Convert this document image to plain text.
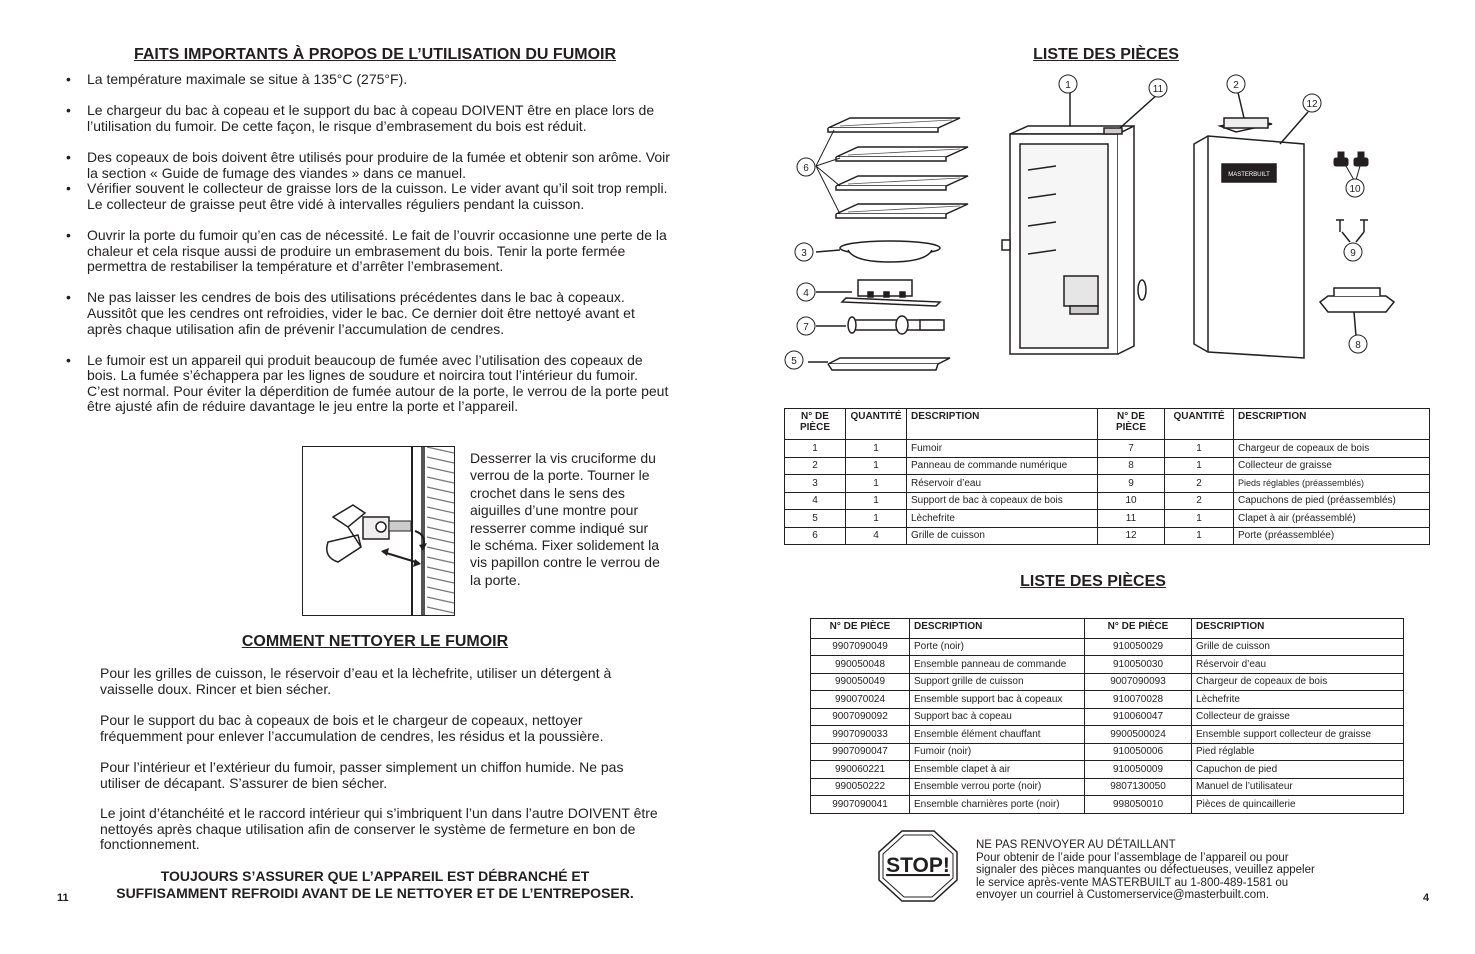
FAITS IMPORTANTS À PROPOS DE L’UTILISATION DU FUMOIR
• La température maximale se situe à 135°C (275°F).
• Le chargeur du bac à copeau et le support du bac à copeau DOIVENT être en place lors de l’utilisation du fumoir. De cette façon, le risque d’embrasement du bois est réduit.
• Des copeaux de bois doivent être utilisés pour produire de la fumée et obtenir son arôme. Voir la section « Guide de fumage des viandes » dans ce manuel.
• Vérifier souvent le collecteur de graisse lors de la cuisson. Le vider avant qu’il soit trop rempli. Le collecteur de graisse peut être vidé à intervalles réguliers pendant la cuisson.
• Ouvrir la porte du fumoir qu’en cas de nécessité. Le fait de l’ouvrir occasionne une perte de la chaleur et cela risque aussi de produire un embrasement du bois. Tenir la porte fermée permettra de restabiliser la température et d’arrêter l’embrasement.
• Ne pas laisser les cendres de bois des utilisations précédentes dans le bac à copeaux. Aussitôt que les cendres ont refroidies, vider le bac. Ce dernier doit être nettoyé avant et après chaque utilisation afin de prévenir l’accumulation de cendres.
• Le fumoir est un appareil qui produit beaucoup de fumée avec l’utilisation des copeaux de bois. La fumée s’échappera par les lignes de soudure et noircira tout l’intérieur du fumoir. C’est normal. Pour éviter la déperdition de fumée autour de la porte, le verrou de la porte peut être ajusté afin de réduire davantage le jeu entre la porte et l’appareil.
Desserrer la vis cruciforme du verrou de la porte. Tourner le crochet dans le sens des aiguilles d’une montre pour resserrer comme indiqué sur le schéma. Fixer solidement la vis papillon contre le verrou de la porte.
COMMENT NETTOYER LE FUMOIR

Pour les grilles de cuisson, le réservoir d’eau et la lèchefrite, utiliser un détergent à vaisselle doux. Rincer et bien sécher.

Pour le support du bac à copeaux de bois et le chargeur de copeaux, nettoyer fréquemment pour enlever l’accumulation de cendres, les résidus et la poussière.

Pour l’intérieur et l’extérieur du fumoir, passer simplement un chiffon humide. Ne pas utiliser de décapant. S’assurer de bien sécher.

Le joint d’étanchéité et le raccord intérieur qui s’imbriquent l’un dans l’autre DOIVENT être nettoyés après chaque utilisation afin de conserver le système de fermeture en bon de fonctionnement.

TOUJOURS S’ASSURER QUE L’APPAREIL EST DÉBRANCHÉ ET
SUFFISAMMENT REFROIDI AVANT DE LE NETTOYER ET DE L’ENTREPOSER.
11
LISTE DES PIÈCES
MASTERBUILT
1	11	2
12
6
10
3	9
4
7
8
5
N° DE PIÈCE	QUANTITÉ	DESCRIPTION	N° DE PIÈCE	QUANTITÉ	DESCRIPTION
1	1	Fumoir	7	1	Chargeur de copeaux de bois
2	1	Panneau de commande numérique	8	1	Collecteur de graisse
3	1	Réservoir d’eau	9	2	Pieds réglables (préassemblés)
4	1	Support de bac à copeaux de bois	10	2	Capuchons de pied (préassemblés)
5	1	Lèchefrite	11	1	Clapet à air (préassemblé)
6	4	Grille de cuisson	12	1	Porte (préassemblée)
LISTE DES PIÈCES
N° DE PIÈCE	DESCRIPTION	N° DE PIÈCE	DESCRIPTION
9907090049	Porte (noir)	910050029	Grille de cuisson
990050048	Ensemble panneau de commande	910050030	Réservoir d’eau
990050049	Support grille de cuisson	9007090093	Chargeur de copeaux de bois
990070024	Ensemble support bac à copeaux	910070028	Lèchefrite
9007090092	Support bac à copeau	910060047	Collecteur de graisse
9907090033	Ensemble élément chauffant	9900500024	Ensemble support collecteur de graisse
9907090047	Fumoir (noir)	910050006	Pied réglable
990060221	Ensemble clapet à air	910050009	Capuchon de pied
990050222	Ensemble verrou porte (noir)	9807130050	Manuel de l’utilisateur
9907090041	Ensemble charnières porte (noir)	998050010	Pièces de quincaillerie
STOP!
NE PAS RENVOYER AU DÉTAILLANT
Pour obtenir de l’aide pour l’assemblage de l’appareil ou pour
signaler des pièces manquantes ou défectueuses, veuillez appeler
le service après-vente MASTERBUILT au 1-800-489-1581 ou
envoyer un courriel à Customerservice@masterbuilt.com.	4
